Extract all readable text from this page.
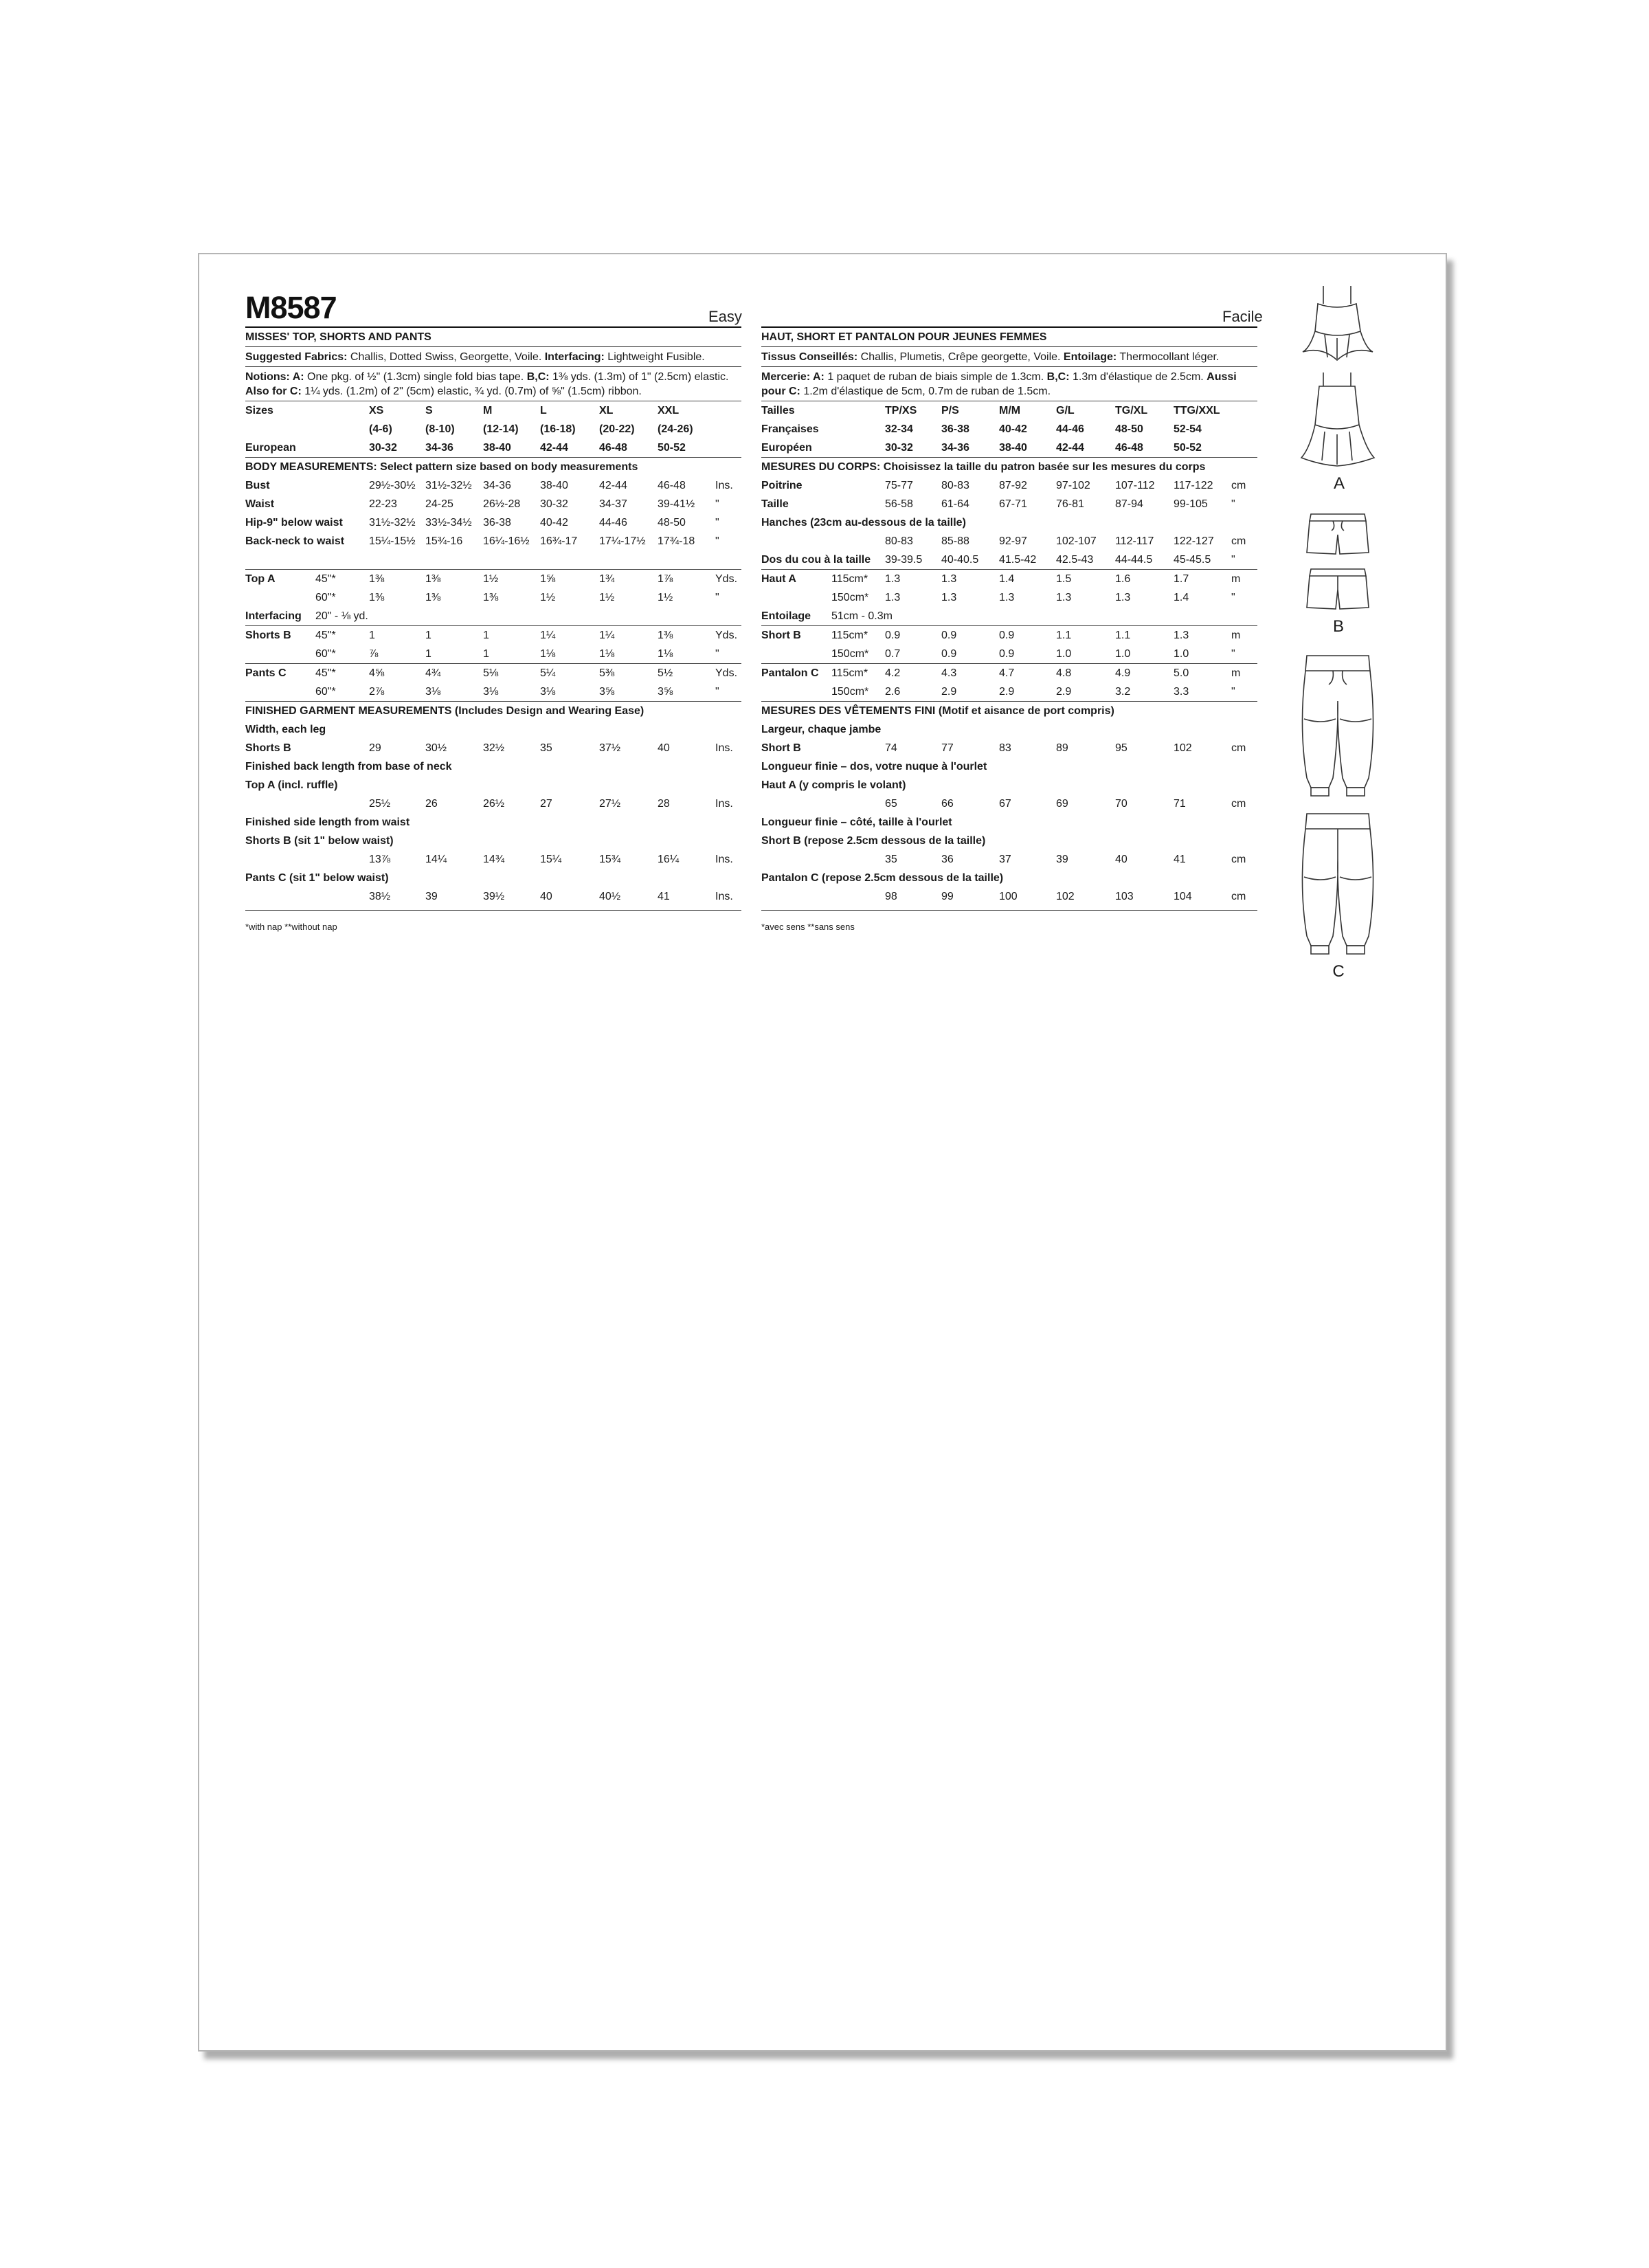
M8587	Easy	Facile
MISSES' TOP, SHORTS AND PANTS
Suggested Fabrics: Challis, Dotted Swiss, Georgette, Voile. Interfacing: Lightweight Fusible.
Notions: A: One pkg. of ½" (1.3cm) single fold bias tape. B,C: 1⅜ yds. (1.3m) of 1" (2.5cm) elastic. Also for C: 1¼ yds. (1.2m) of 2" (5cm) elastic, ¾ yd. (0.7m) of ⅝" (1.5cm) ribbon.
Sizes	XS	S	M	L	XL	XXL
(4-6)	(8-10)	(12-14) (16-18) (20-22) (24-26)
European	30-32	34-36	38-40	42-44	46-48	50-52
BODY MEASUREMENTS: Select pattern size based on body measurements
Bust	29½-30½ 31½-32½ 34-36	38-40	42-44	46-48	Ins.
Waist	22-23	24-25	26½-28 30-32	34-37	39-41½ "
Hip-9" below waist 31½-32½ 33½-34½ 36-38	40-42	44-46	48-50	"
Back-neck to waist 15¼-15½ 15¾-16 16¼-16½ 16¾-17 17¼-17½ 17¾-18 "
Top A	45"*	1⅜	1⅜	1½	1⅝	1¾	1⅞	Yds.
60"*	1⅜	1⅜	1⅜	1½	1½	1½	"
Interfacing 20" - ⅛ yd.
Shorts B 45"*	1	1	1	1¼	1¼	1⅜	Yds.
60"*	⅞	1	1	1⅛	1⅛	1⅛	"
Pants C	45"*	4⅝	4¾	5⅛	5¼	5⅜	5½	Yds.
60"*	2⅞	3⅛	3⅛	3⅛	3⅝	3⅝	"
FINISHED GARMENT MEASUREMENTS (Includes Design and Wearing Ease)
Width, each leg
Shorts B	29	30½	32½	35	37½	40	Ins.
Finished back length from base of neck
Top A (incl. ruffle)
25½	26	26½	27	27½	28	Ins.
Finished side length from waist
Shorts B (sit 1" below waist)
13⅞	14¼	14¾	15¼	15¾	16¼	Ins.
Pants C (sit 1" below waist)
38½	39	39½	40	40½	41	Ins.
*with nap **without nap
HAUT, SHORT ET PANTALON POUR JEUNES FEMMES
Tissus Conseillés: Challis, Plumetis, Crêpe georgette, Voile. Entoilage: Thermocollant léger.
Mercerie: A: 1 paquet de ruban de biais simple de 1.3cm. B,C: 1.3m d'élastique de 2.5cm. Aussi pour C: 1.2m d'élastique de 5cm, 0.7m de ruban de 1.5cm.
Tailles	TP/XS P/S	M/M	G/L	TG/XL TTG/XXL
Françaises	32-34	36-38	40-42	44-46	48-50	52-54
Européen	30-32	34-36	38-40	42-44	46-48	50-52
MESURES DU CORPS: Choisissez la taille du patron basée sur les mesures du corps
Poitrine	75-77	80-83	87-92	97-102 107-112 117-122 cm
Taille	56-58	61-64	67-71	76-81	87-94	99-105 "
Hanches (23cm au-dessous de la taille)
80-83	85-88	92-97	102-107 112-117 122-127 cm
Dos du cou à la taille 39-39.5 40-40.5 41.5-42 42.5-43 44-44.5 45-45.5 "
Haut A	115cm* 1.3	1.3	1.4	1.5	1.6	1.7	m
150cm* 1.3	1.3	1.3	1.3	1.3	1.4	"
Entoilage 51cm - 0.3m
Short B	115cm* 0.9	0.9	0.9	1.1	1.1	1.3	m
150cm* 0.7	0.9	0.9	1.0	1.0	1.0	"
Pantalon C 115cm* 4.2	4.3	4.7	4.8	4.9	5.0	m
150cm* 2.6	2.9	2.9	2.9	3.2	3.3	"
MESURES DES VÊTEMENTS FINI (Motif et aisance de port compris)
Largeur, chaque jambe
Short B	74	77	83	89	95	102	cm
Longueur finie – dos, votre nuque à l'ourlet
Haut A (y compris le volant)
65	66	67	69	70	71	cm
Longueur finie – côté, taille à l'ourlet
Short B (repose 2.5cm dessous de la taille)
35	36	37	39	40	41	cm
Pantalon C (repose 2.5cm dessous de la taille)
98	99	100	102	103	104	cm
*avec sens **sans sens
A
B
C
